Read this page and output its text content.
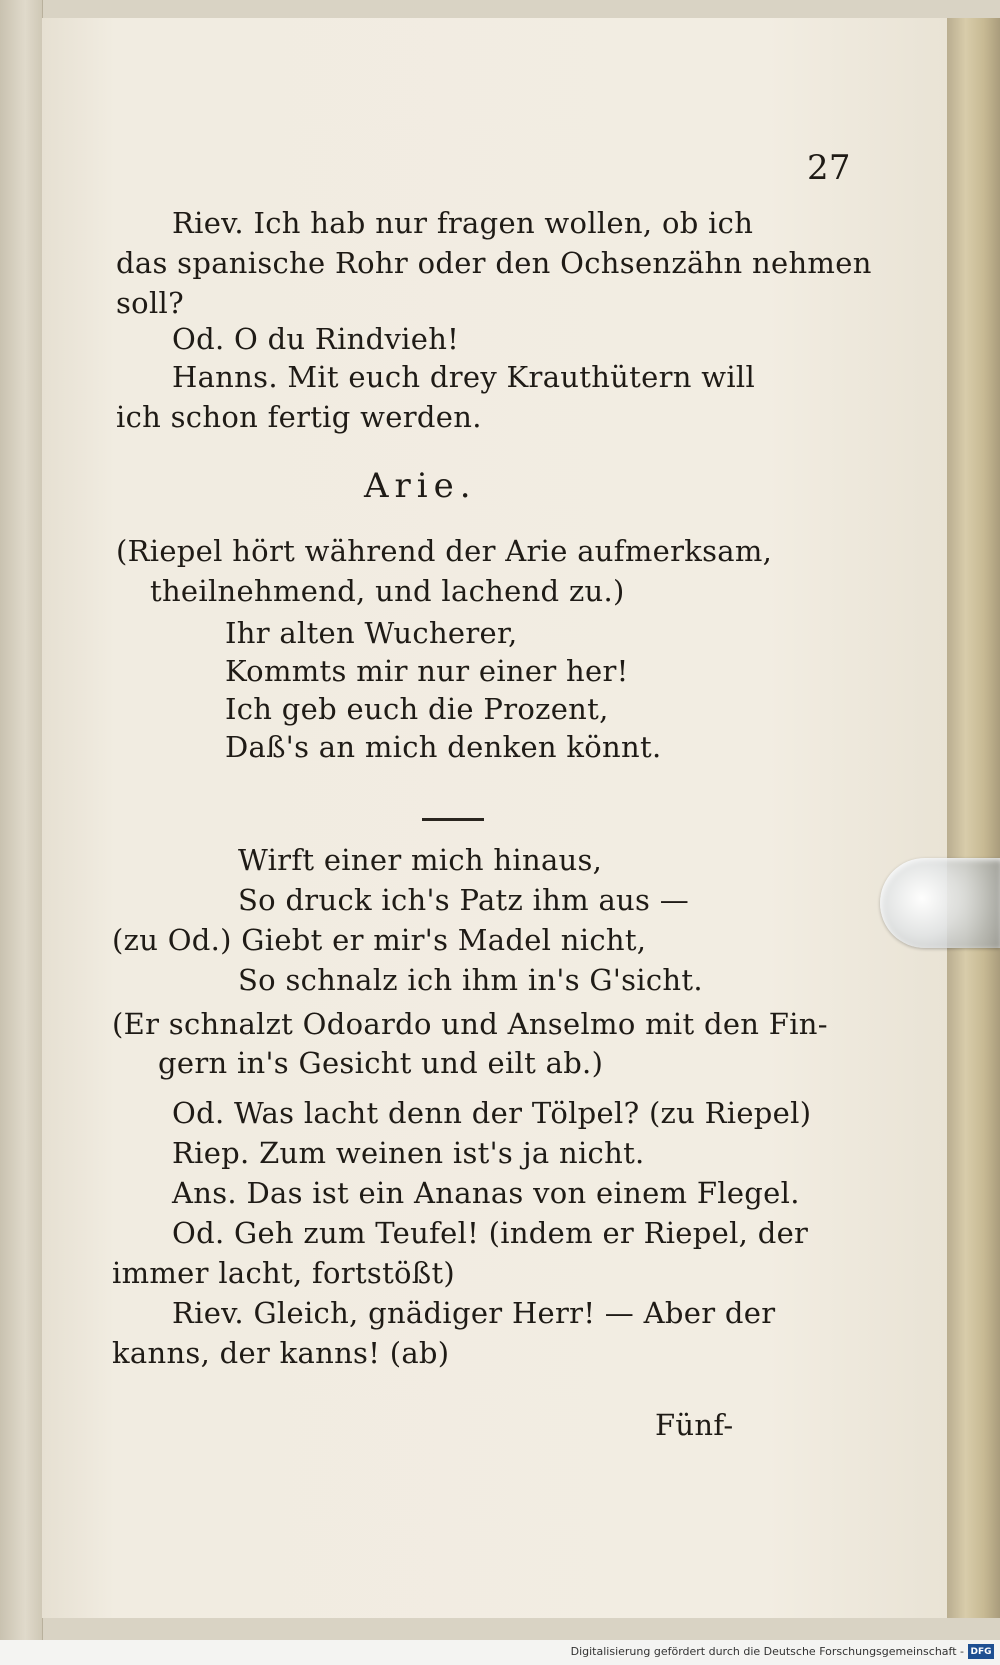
27
Riev. Ich hab nur fragen wollen, ob ich
das spanische Rohr oder den Ochsenzähn nehmen
soll?
Od. O du Rindvieh!
Hanns. Mit euch drey Krauthütern will
ich schon fertig werden.
Arie.
(Riepel hört während der Arie aufmerksam,
theilnehmend, und lachend zu.)
Ihr alten Wucherer,
Kommts mir nur einer her!
Ich geb euch die Prozent,
Daß's an mich denken könnt.
Wirft einer mich hinaus,
So druck ich's Patz ihm aus —
(zu Od.) Giebt er mir's Madel nicht,
So schnalz ich ihm in's G'sicht.
(Er schnalzt Odoardo und Anselmo mit den Fin-
gern in's Gesicht und eilt ab.)
Od. Was lacht denn der Tölpel? (zu Riepel)
Riep. Zum weinen ist's ja nicht.
Ans. Das ist ein Ananas von einem Flegel.
Od. Geh zum Teufel! (indem er Riepel, der
immer lacht, fortstößt)
Riev. Gleich, gnädiger Herr! — Aber der
kanns, der kanns! (ab)
Fünf-
Digitalisierung gefördert durch die Deutsche Forschungsgemeinschaft - DFG
